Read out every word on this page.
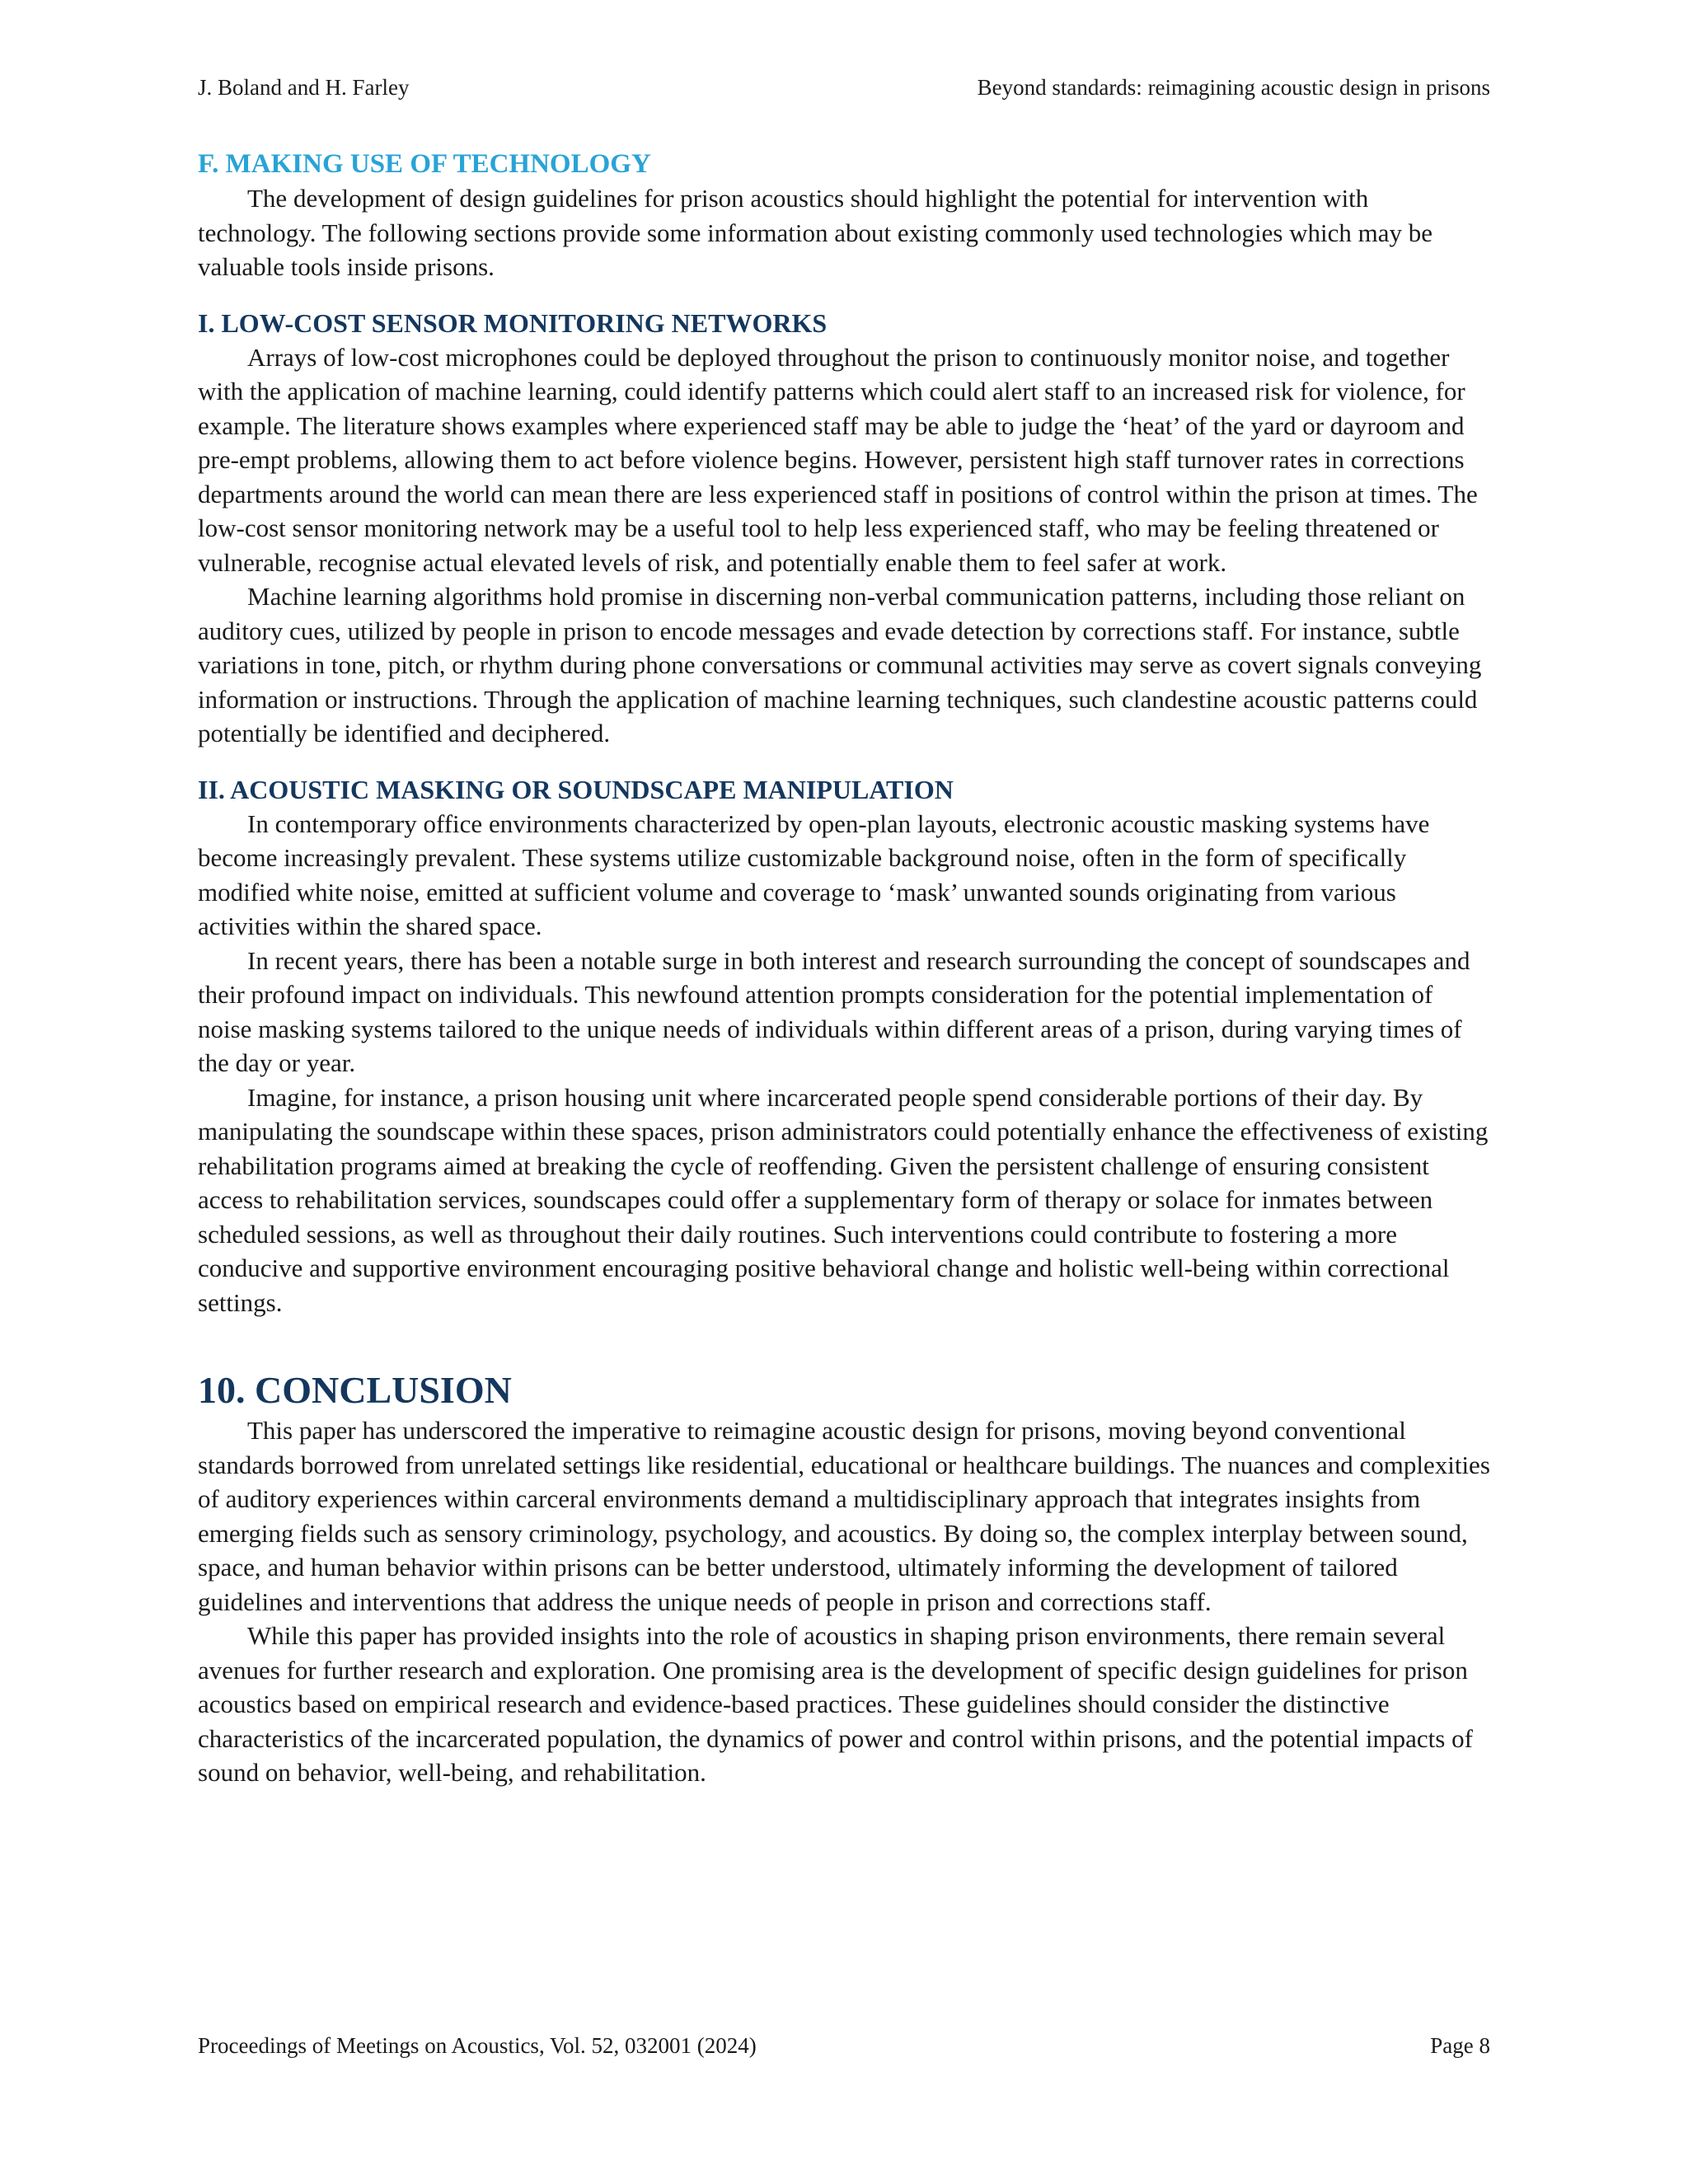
J. Boland and H. Farley	Beyond standards: reimagining acoustic design in prisons
F. MAKING USE OF TECHNOLOGY

The development of design guidelines for prison acoustics should highlight the potential for intervention with technology. The following sections provide some information about existing commonly used technologies which may be valuable tools inside prisons.

I. LOW-COST SENSOR MONITORING NETWORKS

Arrays of low-cost microphones could be deployed throughout the prison to continuously monitor noise, and together with the application of machine learning, could identify patterns which could alert staff to an increased risk for violence, for example. The literature shows examples where experienced staff may be able to judge the ‘heat’ of the yard or dayroom and pre-empt problems, allowing them to act before violence begins. However, persistent high staff turnover rates in corrections departments around the world can mean there are less experienced staff in positions of control within the prison at times. The low-cost sensor monitoring network may be a useful tool to help less experienced staff, who may be feeling threatened or vulnerable, recognise actual elevated levels of risk, and potentially enable them to feel safer at work.

Machine learning algorithms hold promise in discerning non-verbal communication patterns, including those reliant on auditory cues, utilized by people in prison to encode messages and evade detection by corrections staff. For instance, subtle variations in tone, pitch, or rhythm during phone conversations or communal activities may serve as covert signals conveying information or instructions. Through the application of machine learning techniques, such clandestine acoustic patterns could potentially be identified and deciphered.

II. ACOUSTIC MASKING OR SOUNDSCAPE MANIPULATION

In contemporary office environments characterized by open-plan layouts, electronic acoustic masking systems have become increasingly prevalent. These systems utilize customizable background noise, often in the form of specifically modified white noise, emitted at sufficient volume and coverage to ‘mask’ unwanted sounds originating from various activities within the shared space.

In recent years, there has been a notable surge in both interest and research surrounding the concept of soundscapes and their profound impact on individuals. This newfound attention prompts consideration for the potential implementation of noise masking systems tailored to the unique needs of individuals within different areas of a prison, during varying times of the day or year.

Imagine, for instance, a prison housing unit where incarcerated people spend considerable portions of their day. By manipulating the soundscape within these spaces, prison administrators could potentially enhance the effectiveness of existing rehabilitation programs aimed at breaking the cycle of reoffending. Given the persistent challenge of ensuring consistent access to rehabilitation services, soundscapes could offer a supplementary form of therapy or solace for inmates between scheduled sessions, as well as throughout their daily routines. Such interventions could contribute to fostering a more conducive and supportive environment encouraging positive behavioral change and holistic well-being within correctional settings.

10. CONCLUSION

This paper has underscored the imperative to reimagine acoustic design for prisons, moving beyond conventional standards borrowed from unrelated settings like residential, educational or healthcare buildings. The nuances and complexities of auditory experiences within carceral environments demand a multidisciplinary approach that integrates insights from emerging fields such as sensory criminology, psychology, and acoustics. By doing so, the complex interplay between sound, space, and human behavior within prisons can be better understood, ultimately informing the development of tailored guidelines and interventions that address the unique needs of people in prison and corrections staff.

While this paper has provided insights into the role of acoustics in shaping prison environments, there remain several avenues for further research and exploration. One promising area is the development of specific design guidelines for prison acoustics based on empirical research and evidence-based practices. These guidelines should consider the distinctive characteristics of the incarcerated population, the dynamics of power and control within prisons, and the potential impacts of sound on behavior, well-being, and rehabilitation.

Proceedings of Meetings on Acoustics, Vol. 52, 032001 (2024)	Page 8
